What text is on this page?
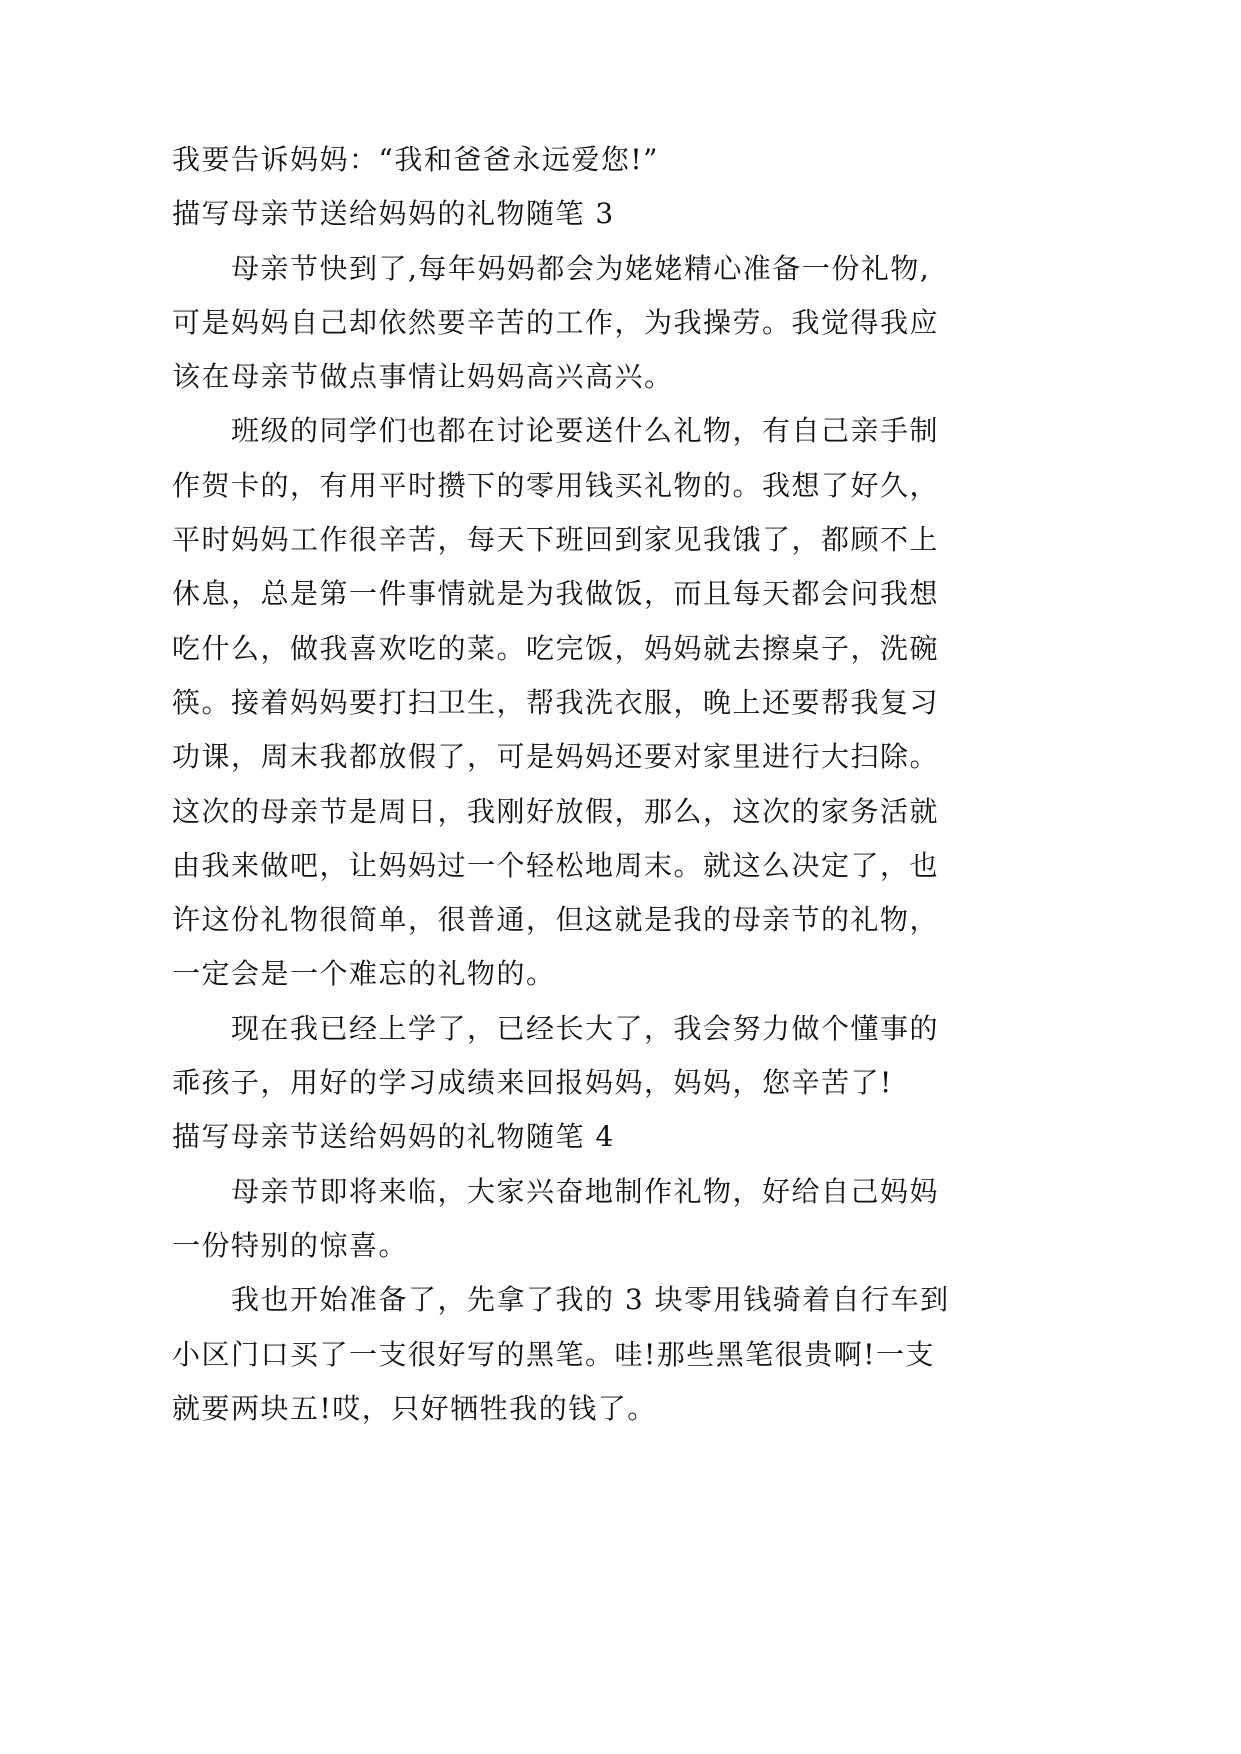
我要告诉妈妈：“我和爸爸永远爱您!”
描写母亲节送给妈妈的礼物随笔 3
母亲节快到了,每年妈妈都会为姥姥精心准备一份礼物,
可是妈妈自己却依然要辛苦的工作，为我操劳。我觉得我应
该在母亲节做点事情让妈妈高兴高兴。
班级的同学们也都在讨论要送什么礼物，有自己亲手制
作贺卡的，有用平时攒下的零用钱买礼物的。我想了好久，
平时妈妈工作很辛苦，每天下班回到家见我饿了，都顾不上
休息，总是第一件事情就是为我做饭，而且每天都会问我想
吃什么，做我喜欢吃的菜。吃完饭，妈妈就去擦桌子，洗碗
筷。接着妈妈要打扫卫生，帮我洗衣服，晚上还要帮我复习
功课，周末我都放假了，可是妈妈还要对家里进行大扫除。
这次的母亲节是周日，我刚好放假，那么，这次的家务活就
由我来做吧，让妈妈过一个轻松地周末。就这么决定了，也
许这份礼物很简单，很普通，但这就是我的母亲节的礼物，
一定会是一个难忘的礼物的。
现在我已经上学了，已经长大了，我会努力做个懂事的
乖孩子，用好的学习成绩来回报妈妈，妈妈，您辛苦了!
描写母亲节送给妈妈的礼物随笔 4
母亲节即将来临，大家兴奋地制作礼物，好给自己妈妈
一份特别的惊喜。
我也开始准备了，先拿了我的 3 块零用钱骑着自行车到
小区门口买了一支很好写的黑笔。哇!那些黑笔很贵啊!一支
就要两块五!哎，只好牺牲我的钱了。
